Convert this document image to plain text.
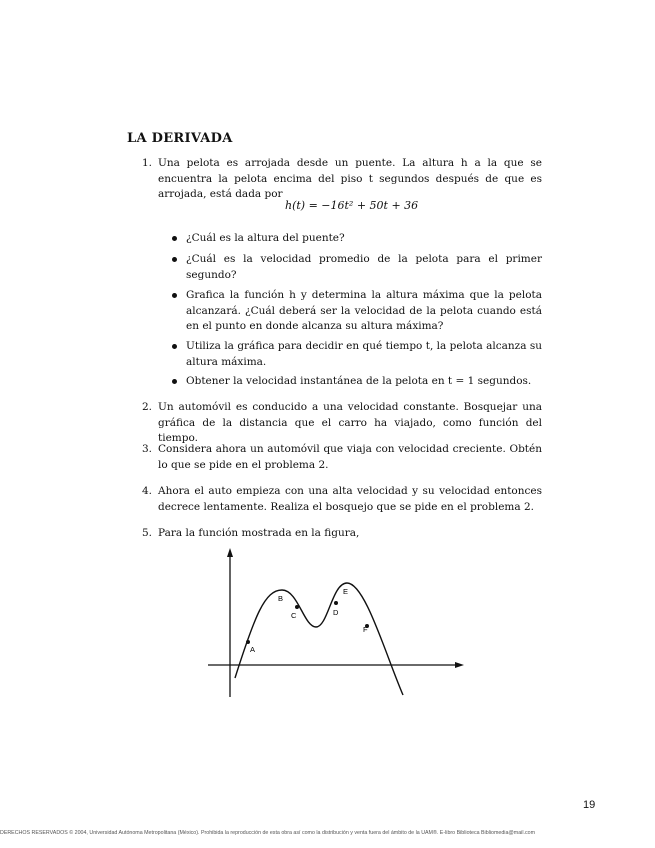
LA DERIVADA
1. Una pelota es arrojada desde un puente. La altura h a la que se encuentra la pelota encima del piso t segundos después de que es arrojada, está dada por
h(t) = −16t² + 50t + 36
¿Cuál es la altura del puente?
¿Cuál es la velocidad promedio de la pelota para el primer segundo?
Grafica la función h y determina la altura máxima que la pelota alcanzará. ¿Cuál deberá ser la velocidad de la pelota cuando está en el punto en donde alcanza su altura máxima?
Utiliza la gráfica para decidir en qué tiempo t, la pelota alcanza su altura máxima.
Obtener la velocidad instantánea de la pelota en t = 1 segundos.
2. Un automóvil es conducido a una velocidad constante. Bosquejar una gráfica de la distancia que el carro ha viajado, como función del tiempo.
3. Considera ahora un automóvil que viaja con velocidad creciente. Obtén lo que se pide en el problema 2.
4. Ahora el auto empieza con una alta velocidad y su velocidad entonces decrece lentamente. Realiza el bosquejo que se pide en el problema 2.
5. Para la función mostrada en la figura,
A
B
C	D
E
F
19
DERECHOS RESERVADOS © 2004, Universidad Autónoma Metropolitana (México). Prohibida la reproducción de esta obra así como la distribución y venta fuera del ámbito de la UAM®. E-libro Biblioteca Bibliomedia@mail.com
